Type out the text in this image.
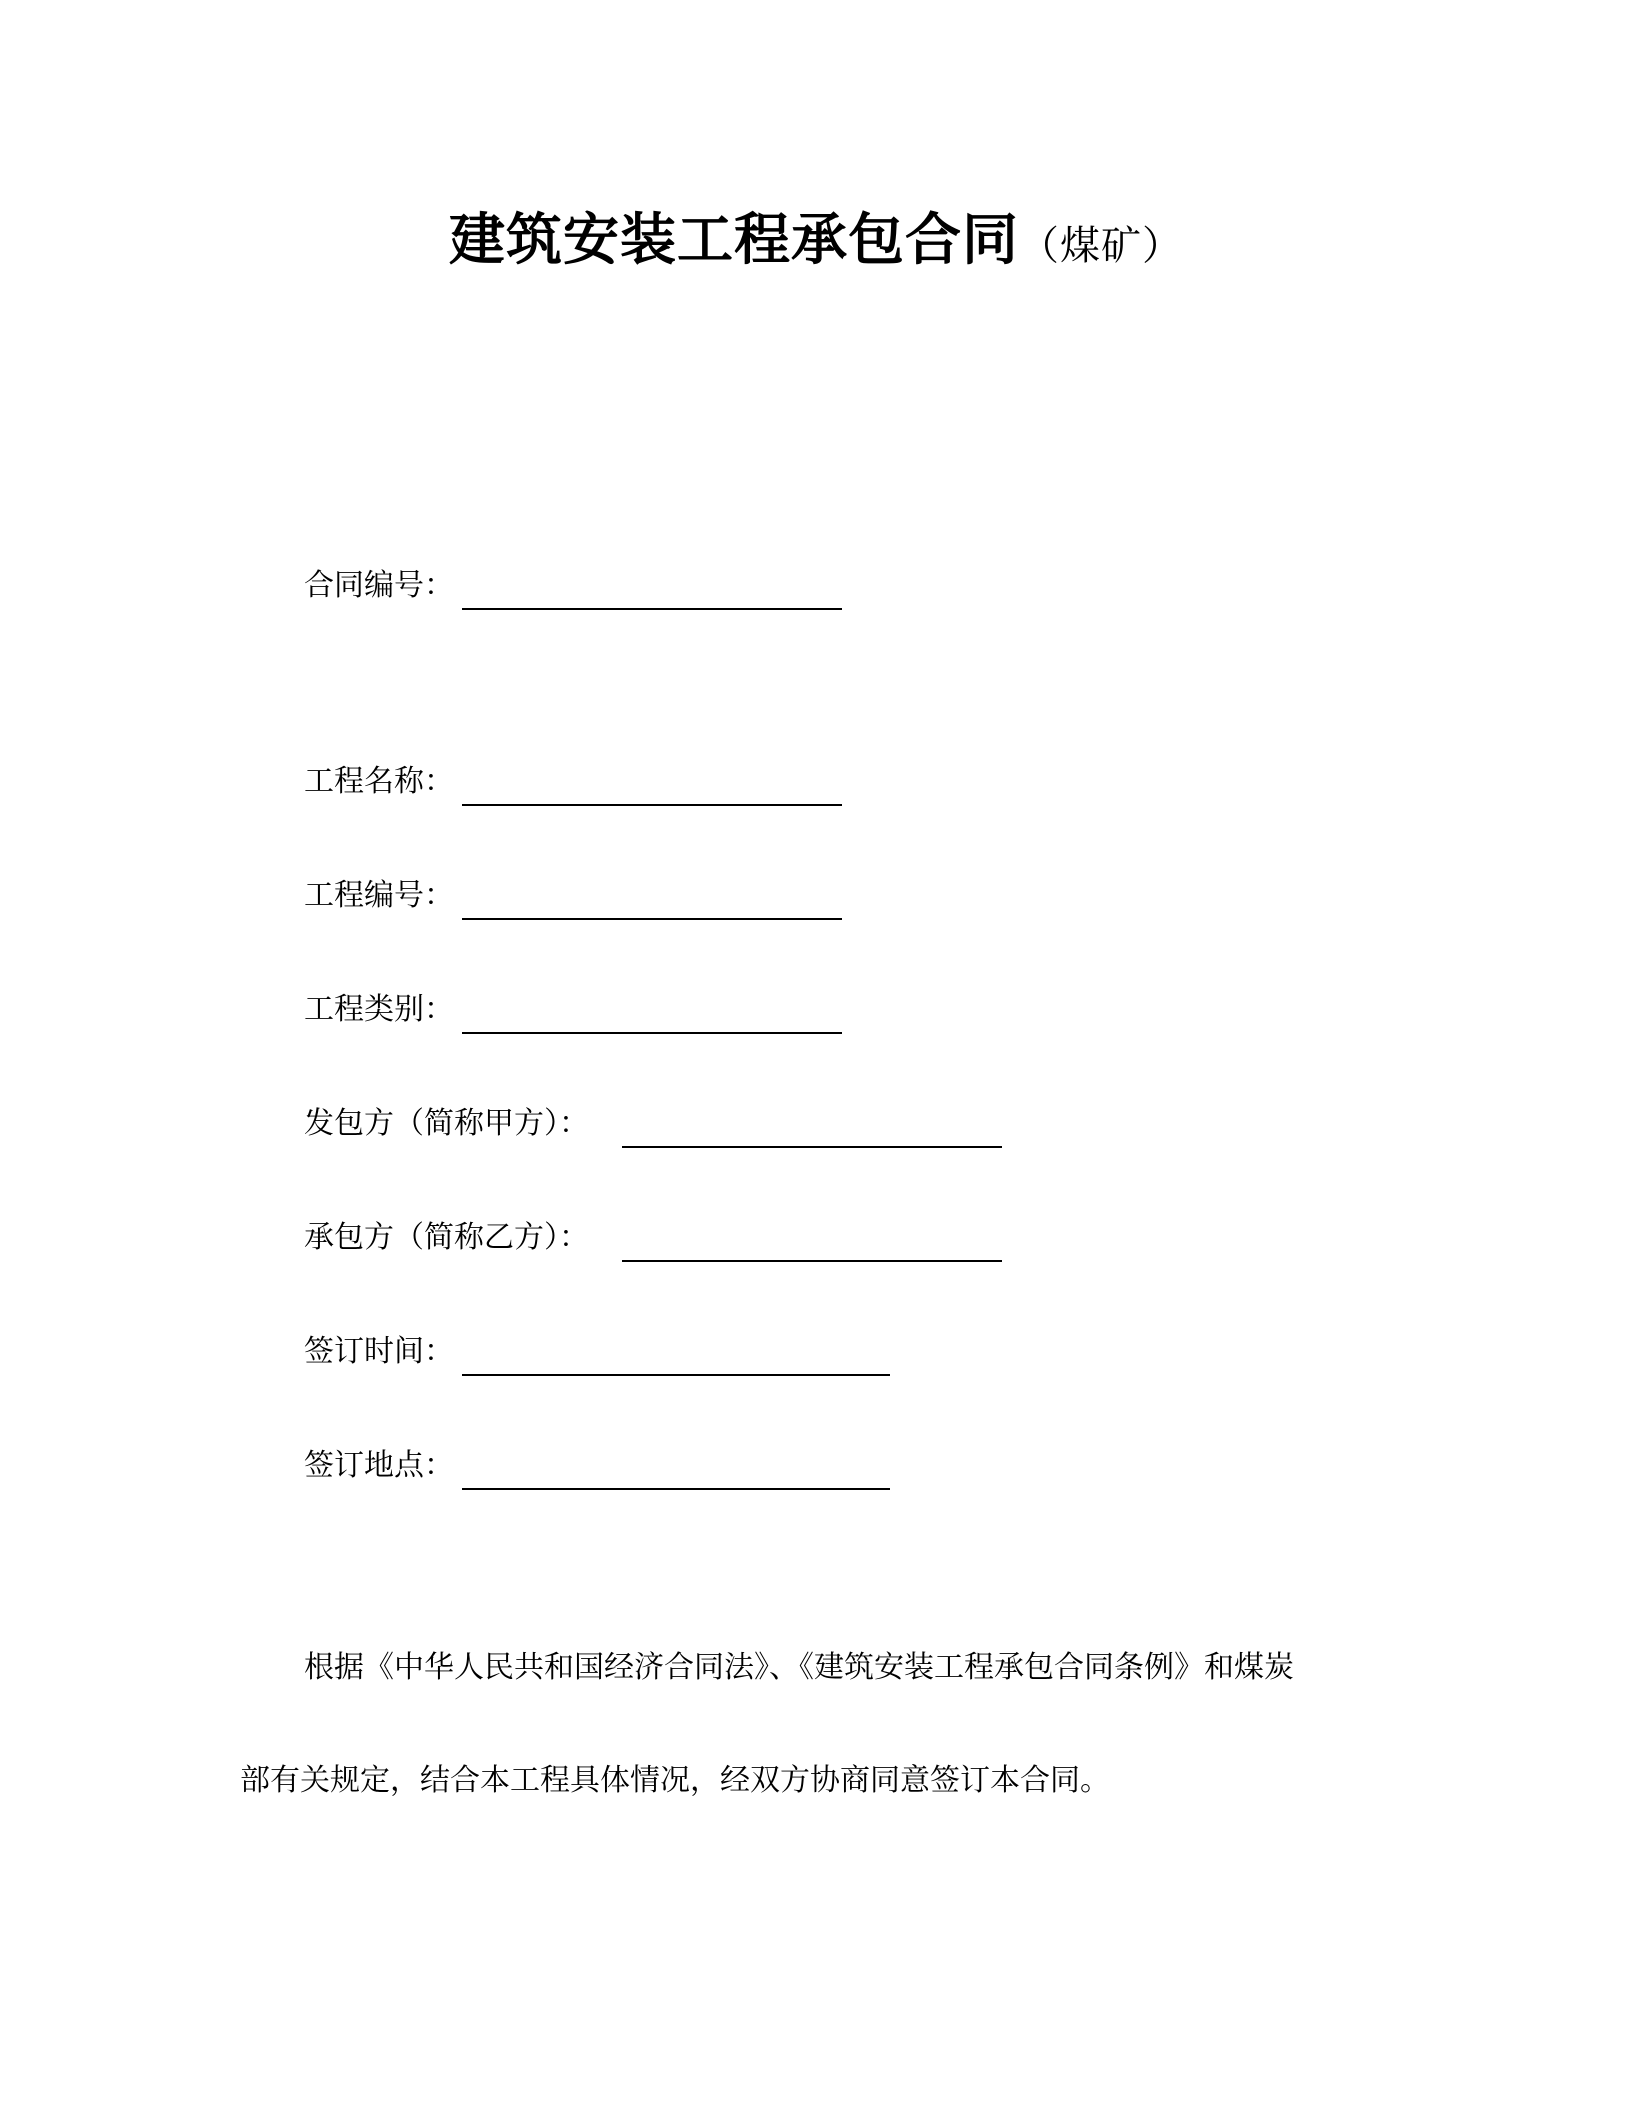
建筑安装工程承包合同（煤矿）
合同编号：
工程名称：
工程编号：
工程类别：
发包方（简称甲方）：
承包方（简称乙方）：
签订时间：
签订地点：
根据《中华人民共和国经济合同法》、《建筑安装工程承包合同条例》和煤炭
部有关规定，结合本工程具体情况，经双方协商同意签订本合同。
